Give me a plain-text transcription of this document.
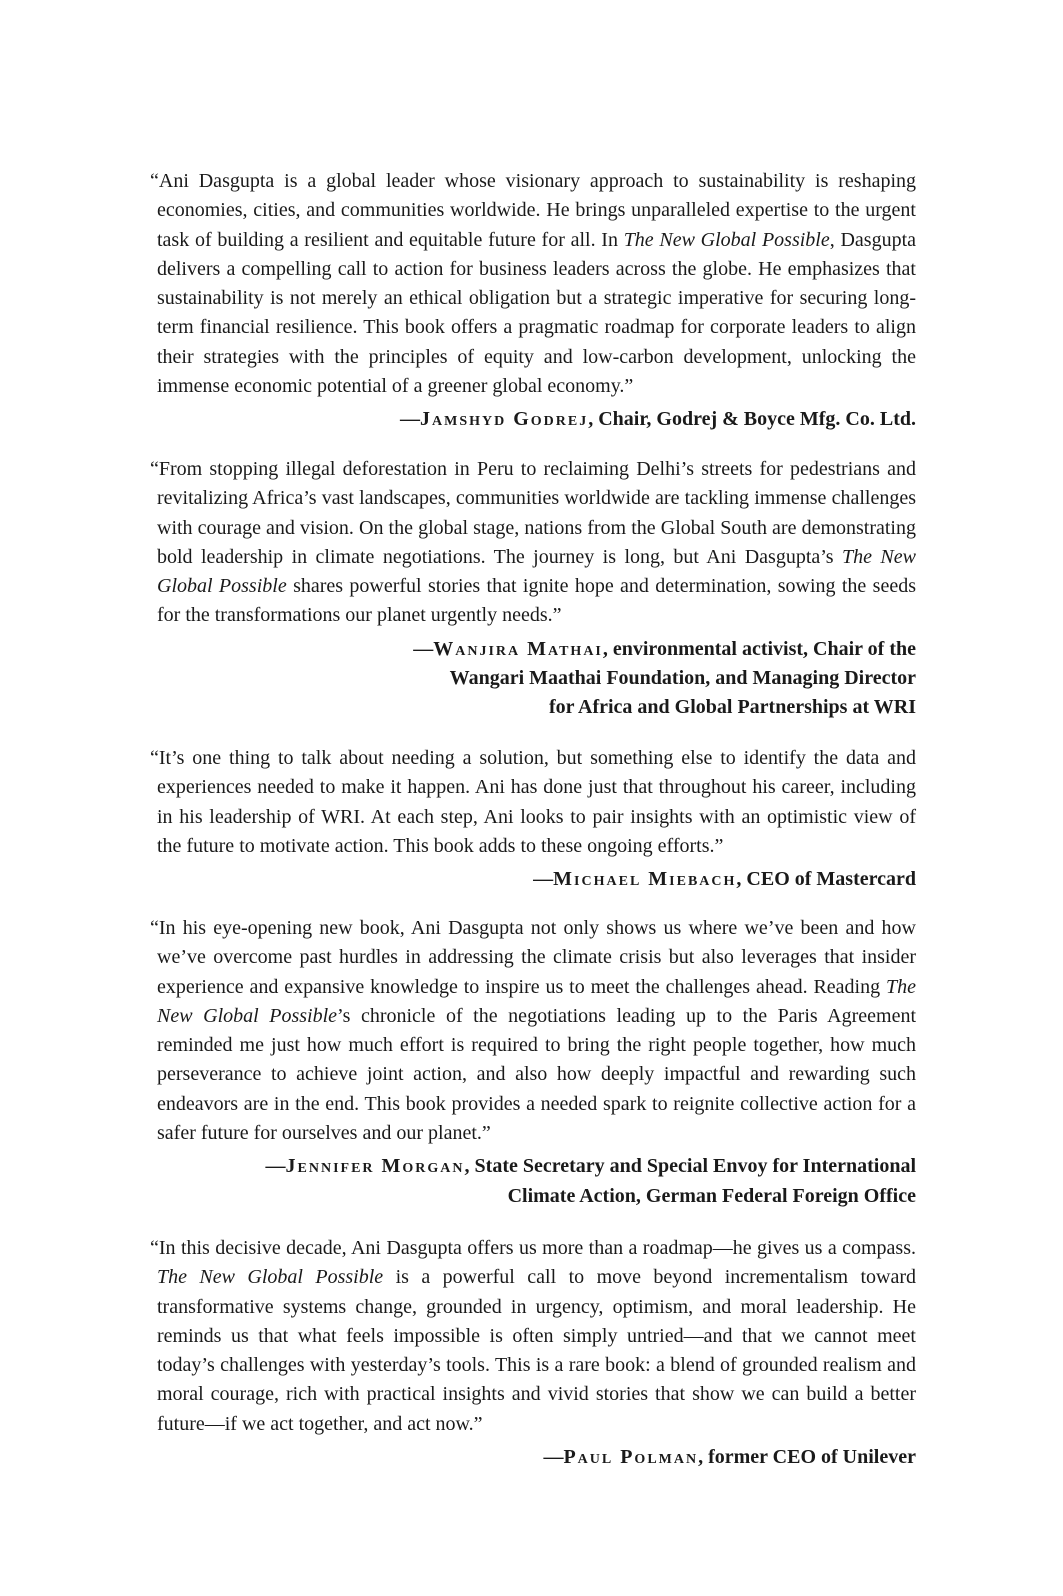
“Ani Dasgupta is a global leader whose visionary approach to sustainability is reshaping economies, cities, and communities worldwide. He brings unparalleled expertise to the urgent task of building a resilient and equitable future for all. In The New Global Possible, Dasgupta delivers a compelling call to action for business leaders across the globe. He emphasizes that sustainability is not merely an ethical obligation but a strategic imperative for securing long-term financial resilience. This book offers a pragmatic roadmap for corporate leaders to align their strategies with the principles of equity and low-carbon development, unlocking the immense economic potential of a greener global economy.”

—Jamshyd Godrej, Chair, Godrej & Boyce Mfg. Co. Ltd.

“From stopping illegal deforestation in Peru to reclaiming Delhi’s streets for pedestrians and revitalizing Africa’s vast landscapes, communities worldwide are tackling immense challenges with courage and vision. On the global stage, nations from the Global South are demonstrating bold leadership in climate negotiations. The journey is long, but Ani Dasgupta’s The New Global Possible shares powerful stories that ignite hope and determination, sowing the seeds for the transformations our planet urgently needs.”

—Wanjira Mathai, environmental activist, Chair of the
Wangari Maathai Foundation, and Managing Director
for Africa and Global Partnerships at WRI

“It’s one thing to talk about needing a solution, but something else to identify the data and experiences needed to make it happen. Ani has done just that throughout his career, including in his leadership of WRI. At each step, Ani looks to pair insights with an optimistic view of the future to motivate action. This book adds to these ongoing efforts.”

—Michael Miebach, CEO of Mastercard

“In his eye-opening new book, Ani Dasgupta not only shows us where we’ve been and how we’ve overcome past hurdles in addressing the climate crisis but also leverages that insider experience and expansive knowledge to inspire us to meet the challenges ahead. Reading The New Global Possible’s chronicle of the negotiations leading up to the Paris Agreement reminded me just how much effort is required to bring the right people together, how much perseverance to achieve joint action, and also how deeply impactful and rewarding such endeavors are in the end. This book provides a needed spark to reignite collective action for a safer future for ourselves and our planet.”

—Jennifer Morgan, State Secretary and Special Envoy for International
Climate Action, German Federal Foreign Office

“In this decisive decade, Ani Dasgupta offers us more than a roadmap—he gives us a compass. The New Global Possible is a powerful call to move beyond incrementalism toward transformative systems change, grounded in urgency, optimism, and moral leadership. He reminds us that what feels impossible is often simply untried—and that we cannot meet today’s challenges with yesterday’s tools. This is a rare book: a blend of grounded realism and moral courage, rich with practical insights and vivid stories that show we can build a better future—if we act together, and act now.”

—Paul Polman, former CEO of Unilever
